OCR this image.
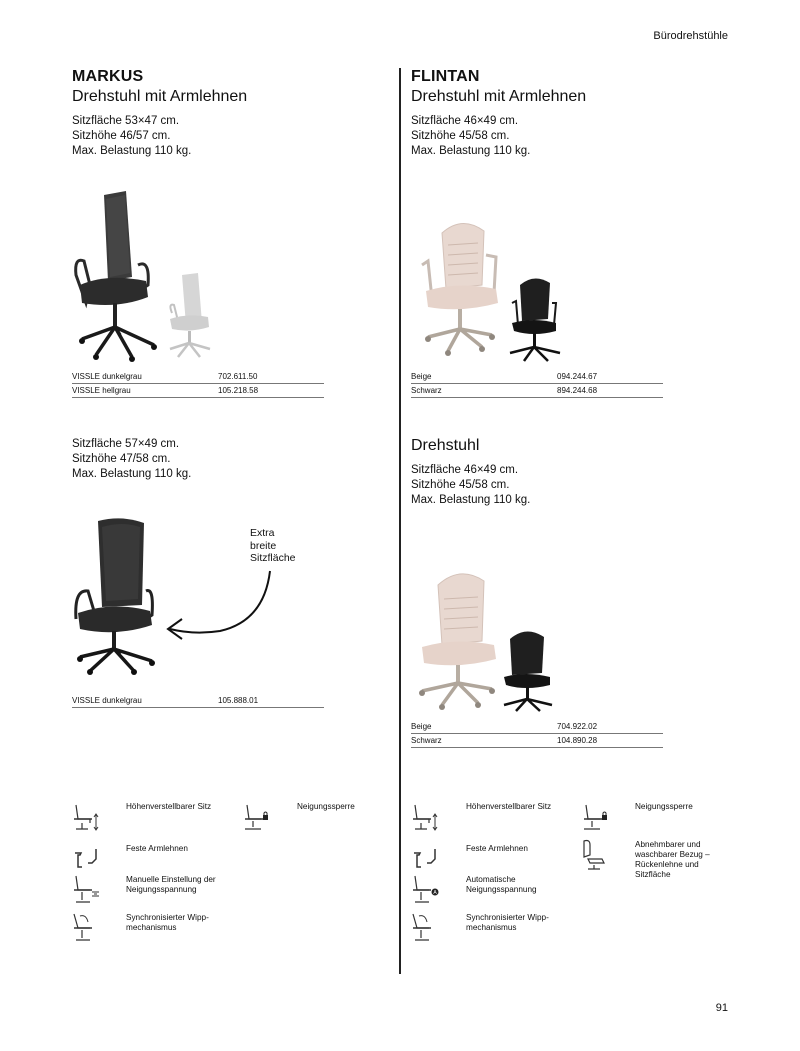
Bürodrehstühle
MARKUS
Drehstuhl mit Armlehnen
Sitzfläche 53×47 cm.
Sitzhöhe 46/57 cm.
Max. Belastung 110 kg.
VISSLE dunkelgrau	702.611.50
VISSLE hellgrau	105.218.58
FLINTAN
Drehstuhl mit Armlehnen
Sitzfläche 46×49 cm.
Sitzhöhe 45/58 cm.
Max. Belastung 110 kg.
Beige	094.244.67
Schwarz	894.244.68
Sitzfläche 57×49 cm.
Sitzhöhe 47/58 cm.
Max. Belastung 110 kg.
Extra
breite
Sitzfläche
VISSLE dunkelgrau	105.888.01
Drehstuhl
Sitzfläche 46×49 cm.
Sitzhöhe 45/58 cm.
Max. Belastung 110 kg.
Beige	704.922.02
Schwarz	104.890.28
Höhenverstellbarer Sitz	Neigungssperre
Feste Armlehnen
Manuelle Einstellung der Neigungsspannung
Synchronisierter Wipp-mechanismus
Höhenverstellbarer Sitz	Neigungssperre
Feste Armlehnen	Abnehmbarer und waschbarer Bezug – Rückenlehne und Sitzfläche
A
Automatische Neigungsspannung
Synchronisierter Wipp-mechanismus
91
